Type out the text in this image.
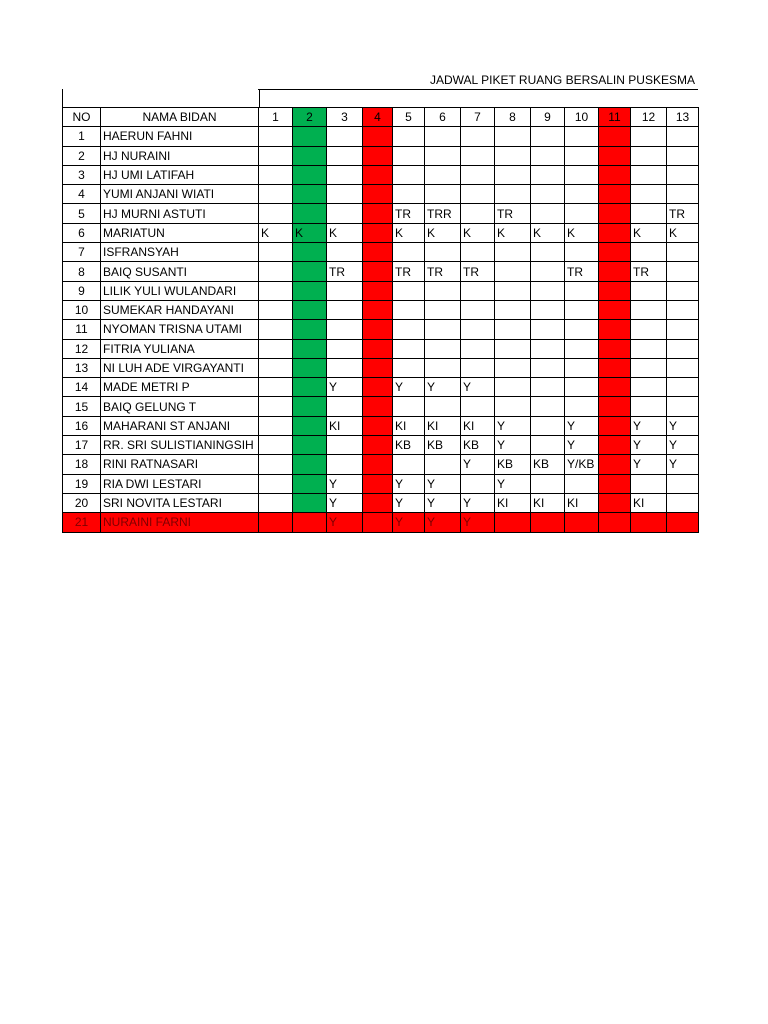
JADWAL PIKET RUANG BERSALIN PUSKESMA
NO	NAMA BIDAN	1	2	3	4	5	6	7	8	9	10	11	12	13
1	HAERUN FAHNI													
2	HJ NURAINI													
3	HJ UMI LATIFAH													
4	YUMI ANJANI WIATI													
5	HJ MURNI ASTUTI					TR	TRR		TR					TR
6	MARIATUN	K	K	K		K	K	K	K	K	K		K	K
7	ISFRANSYAH													
8	BAIQ SUSANTI			TR		TR	TR	TR			TR		TR	
9	LILIK YULI WULANDARI													
10	SUMEKAR HANDAYANI													
11	NYOMAN TRISNA UTAMI													
12	FITRIA YULIANA													
13	NI LUH ADE VIRGAYANTI													
14	MADE METRI P			Y		Y	Y	Y						
15	BAIQ GELUNG T													
16	MAHARANI ST ANJANI			KI		KI	KI	KI	Y		Y		Y	Y
17	RR. SRI SULISTIANINGSIH					KB	KB	KB	Y		Y		Y	Y
18	RINI RATNASARI							Y	KB	KB	Y/KB		Y	Y
19	RIA DWI LESTARI			Y		Y	Y		Y					
20	SRI NOVITA LESTARI			Y		Y	Y	Y	KI	KI	KI		KI	
21	NURAINI FARNI			Y		Y	Y	Y						
